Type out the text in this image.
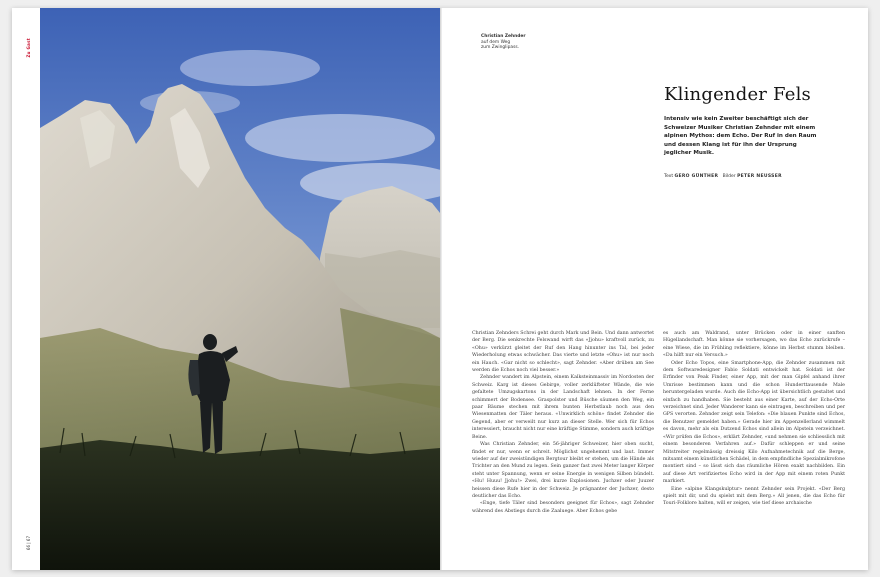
Zu Gast
66 | 67
Christian Zehnder
auf dem Weg
zum Zwinglipass.
Klingender Fels

Intensiv wie kein Zweiter beschäftigt sich der Schweizer Musiker Christian Zehnder mit einem alpinen Mythos: dem Echo. Der Ruf in den Raum und dessen Klang ist für ihn der Ursprung jeglicher Musik.

Text GERO GÜNTHER Bilder PETER NEUSSER

Christian Zehnders Schrei geht durch Mark und Bein. Und dann antwortet der Berg. Die senkrechte Felswand wirft das «Jjohu» kraftvoll zurück, zu «Ohu» verkürzt gleitet der Ruf den Hang hinunter ins Tal, bei jeder Wiederholung etwas schwächer. Das vierte und letzte «Ohu» ist nur noch ein Hauch. «Gar nicht so schlecht», sagt Zehnder. «Aber drüben am See werden die Echos noch viel besser.»

Zehnder wandert im Alpstein, einem Kalksteinmassiv im Nordosten der Schweiz. Karg ist dieses Gebirge, voller zerklüfteter Wände, die wie gefaltete Umzugskartons in der Landschaft lehnen. In der Ferne schimmert der Bodensee. Graspolster und Büsche säumen den Weg, ein paar Bäume stechen mit ihrem bunten Herbstlaub noch aus den Wiesenmatten der Täler heraus. «Unwirklich schön» findet Zehnder die Gegend, aber er verweilt nur kurz an dieser Stelle. Wer sich für Echos interessiert, braucht nicht nur eine kräftige Stimme, sondern auch kräftige Beine.

Was Christian Zehnder, ein 56-jähriger Schweizer, hier oben sucht, findet er nur, wenn er schreit. Möglichst ungehemmt und laut. Immer wieder auf der zweistündigen Bergtour bleibt er stehen, um die Hände als Trichter an den Mund zu legen. Sein ganzer fast zwei Meter langer Körper steht unter Spannung, wenn er seine Energie in wenigen Silben bündelt. «Hu! Huuu! Jjohu!» Zwei, drei kurze Explosionen. Juchzer oder Juuzer heissen diese Rufe hier in der Schweiz. Je prägnanter der Juchzer, desto deutlicher das Echo.

«Enge, tiefe Täler sind besonders geeignet für Echos», sagt Zehnder während des Abstiegs durch die Zaaluege. Aber Echos gebe

es auch am Waldrand, unter Brücken oder in einer sanften Hügellandschaft. Man könne sie vorhersagen, wo das Echo zurückrufe – eine Wiese, die im Frühling reflektiere, könne im Herbst stumm bleiben. «Da hilft nur ein Versuch.»

Oder Echo Topos, eine Smartphone-App, die Zehnder zusammen mit dem Softwaredesigner Fabio Soldati entwickelt hat. Soldati ist der Erfinder von Peak Finder, einer App, mit der man Gipfel anhand ihrer Umrisse bestimmen kann und die schon Hunderttausende Male heruntergeladen wurde. Auch die Echo-App ist übersichtlich gestaltet und einfach zu handhaben. Sie besteht aus einer Karte, auf der Echo-Orte verzeichnet sind. Jeder Wanderer kann sie eintragen, beschreiben und per GPS verorten. Zehnder zeigt sein Telefon: «Die blauen Punkte sind Echos, die Benutzer gemeldet haben.» Gerade hier im Appenzellerland wimmelt es davon, mehr als ein Dutzend Echos sind allein im Alpstein verzeichnet. «Wir prüfen die Echos», erklärt Zehnder, «und nehmen sie schliesslich mit einem besonderen Verfahren auf.» Dafür schleppen er und seine Mitstreiter regelmässig dreissig Kilo Aufnahmetechnik auf die Berge, mitsamt einem künstlichen Schädel, in dem empfindliche Spezialmikrofone montiert sind – so lässt sich das räumliche Hören exakt nachbilden. Ein auf diese Art verifiziertes Echo wird in der App mit einem roten Punkt markiert.

Eine «alpine Klangskulptur» nennt Zehnder sein Projekt. «Der Berg spielt mit dir, und du spielst mit dem Berg.» All jenen, die das Echo für Touri-Folklore halten, will er zeigen, wie tief diese archaische
